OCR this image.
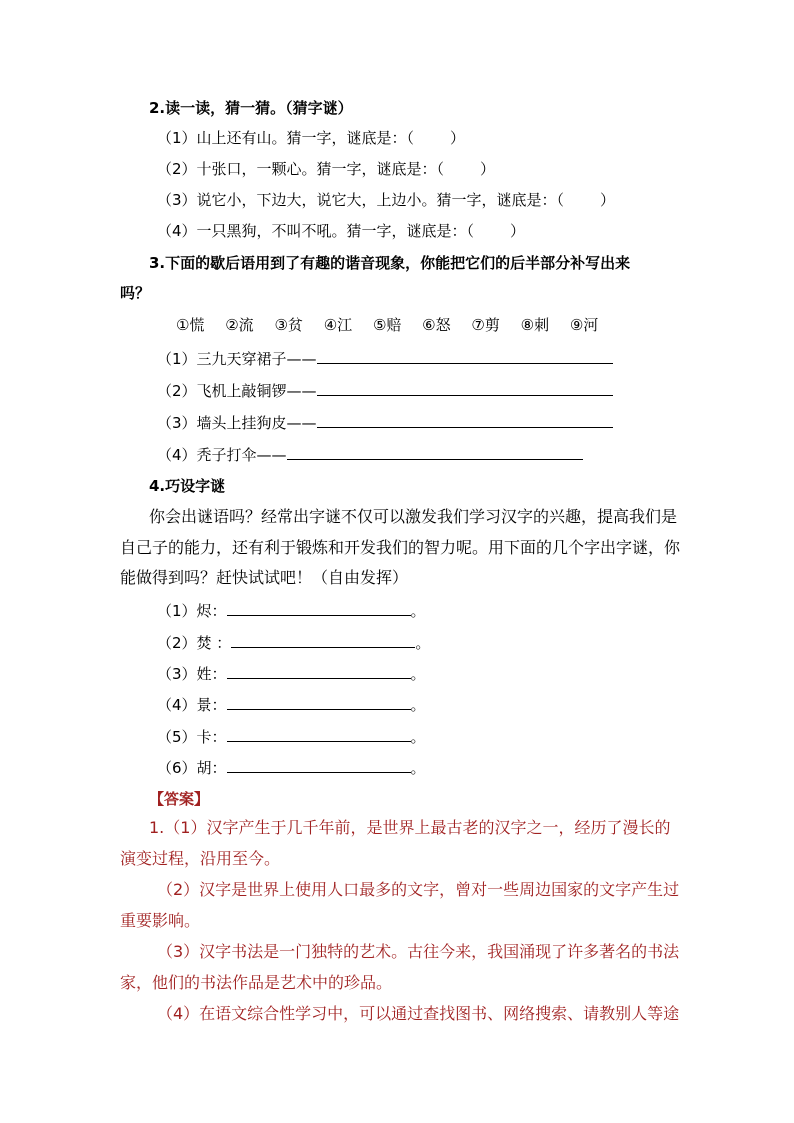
2.读一读，猜一猜。（猜字谜）
（1）山上还有山。猜一字，谜底是：（ ）
（2）十张口，一颗心。猜一字，谜底是：（ ）
（3）说它小，下边大，说它大，上边小。猜一字，谜底是：（ ）
（4）一只黑狗，不叫不吼。猜一字，谜底是：（ ）
3.下面的歇后语用到了有趣的谐音现象，你能把它们的后半部分补写出来
吗？
①慌 ②流 ③贫 ④江 ⑤赔 ⑥怒 ⑦剪 ⑧刺 ⑨河
（1）三九天穿裙子——
（2）飞机上敲铜锣——
（3）墙头上挂狗皮——
（4）秃子打伞——
4.巧设字谜
你会出谜语吗？经常出字谜不仅可以激发我们学习汉字的兴趣，提高我们是
自己子的能力，还有利于锻炼和开发我们的智力呢。用下面的几个字出字谜，你
能做得到吗？赶快试试吧！（自由发挥）
（1）烬：	。
（2）焚 ：	。
（3）姓：	。
（4）景：	。
（5）卡：	。
（6）胡：	。
【答案】
1.（1）汉字产生于几千年前，是世界上最古老的汉字之一，经历了漫长的
演变过程，沿用至今。
（2）汉字是世界上使用人口最多的文字，曾对一些周边国家的文字产生过
重要影响。
（3）汉字书法是一门独特的艺术。古往今来，我国涌现了许多著名的书法
家，他们的书法作品是艺术中的珍品。
（4）在语文综合性学习中，可以通过查找图书、网络搜索、请教别人等途
